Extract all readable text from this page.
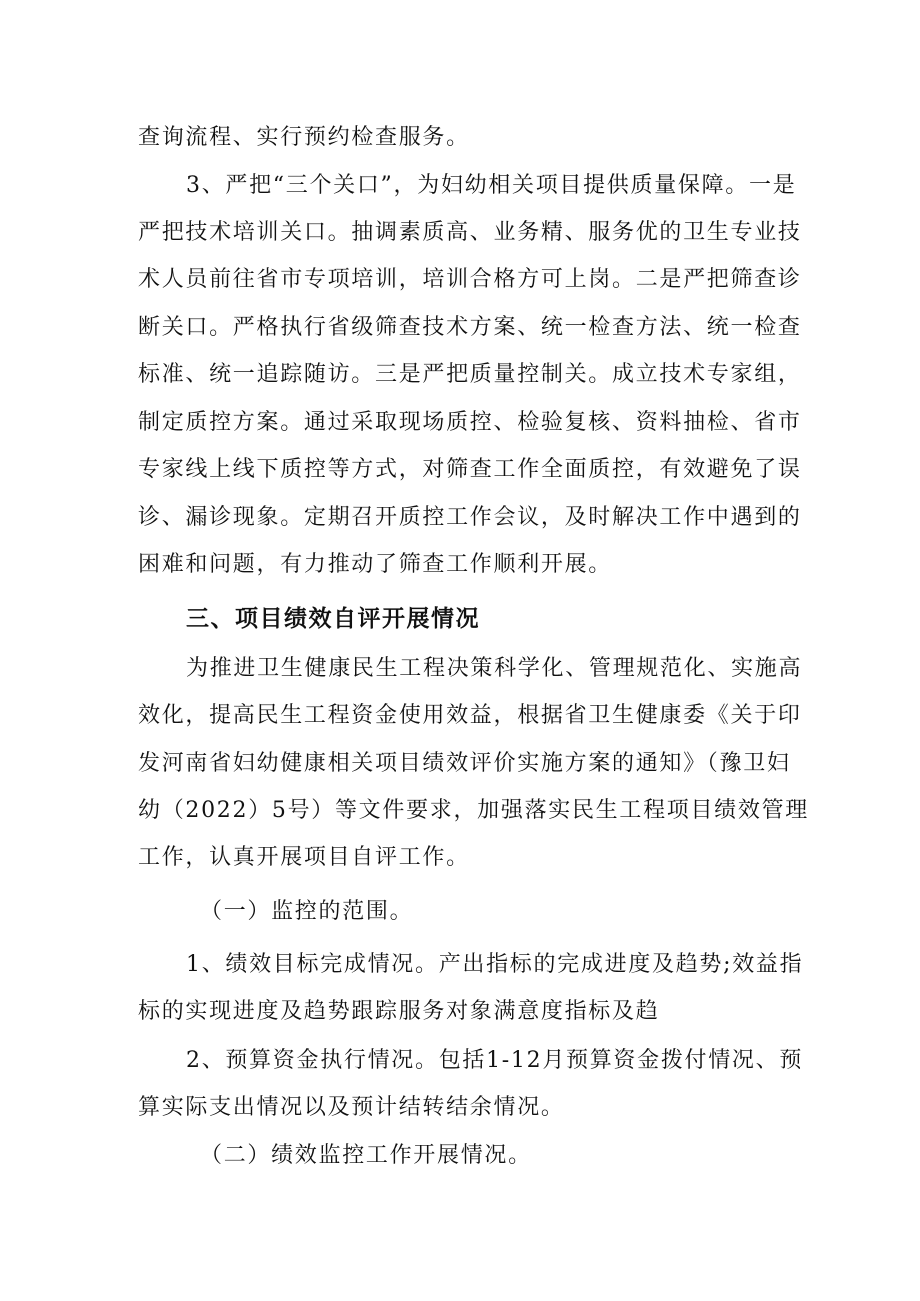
查询流程、实行预约检查服务。
3、严把“三个关口”，为妇幼相关项目提供质量保障。一是
严把技术培训关口。抽调素质高、业务精、服务优的卫生专业技
术人员前往省市专项培训，培训合格方可上岗。二是严把筛查诊
断关口。严格执行省级筛查技术方案、统一检查方法、统一检查
标准、统一追踪随访。三是严把质量控制关。成立技术专家组，
制定质控方案。通过采取现场质控、检验复核、资料抽检、省市
专家线上线下质控等方式，对筛查工作全面质控，有效避免了误
诊、漏诊现象。定期召开质控工作会议，及时解决工作中遇到的
困难和问题，有力推动了筛查工作顺利开展。
三、项目绩效自评开展情况
为推进卫生健康民生工程决策科学化、管理规范化、实施高
效化，提高民生工程资金使用效益，根据省卫生健康委《关于印
发河南省妇幼健康相关项目绩效评价实施方案的通知》（豫卫妇
幼（2022）5号）等文件要求，加强落实民生工程项目绩效管理
工作，认真开展项目自评工作。
（一）监控的范围。
1、绩效目标完成情况。产出指标的完成进度及趋势;效益指
标的实现进度及趋势跟踪服务对象满意度指标及趋
2、预算资金执行情况。包括1-12月预算资金拨付情况、预
算实际支出情况以及预计结转结余情况。
（二）绩效监控工作开展情况。
